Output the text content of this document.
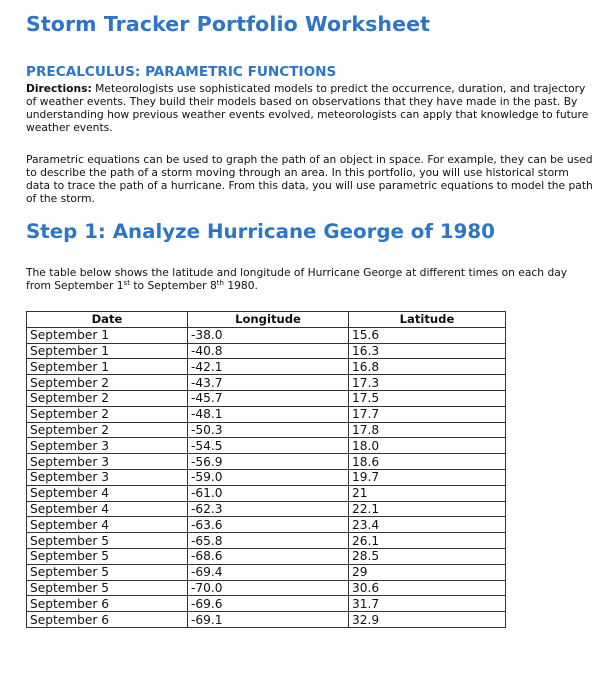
Storm Tracker Portfolio Worksheet
PRECALCULUS: PARAMETRIC FUNCTIONS

Directions: Meteorologists use sophisticated models to predict the occurrence, duration, and trajectory of weather events. They build their models based on observations that they have made in the past. By understanding how previous weather events evolved, meteorologists can apply that knowledge to future weather events.

Parametric equations can be used to graph the path of an object in space. For example, they can be used to describe the path of a storm moving through an area. In this portfolio, you will use historical storm data to trace the path of a hurricane. From this data, you will use parametric equations to model the path of the storm.

Step 1: Analyze Hurricane George of 1980

The table below shows the latitude and longitude of Hurricane George at different times on each day from September 1st to September 8th 1980.

Date	Longitude	Latitude
September 1	-38.0	15.6
September 1	-40.8	16.3
September 1	-42.1	16.8
September 2	-43.7	17.3
September 2	-45.7	17.5
September 2	-48.1	17.7
September 2	-50.3	17.8
September 3	-54.5	18.0
September 3	-56.9	18.6
September 3	-59.0	19.7
September 4	-61.0	21
September 4	-62.3	22.1
September 4	-63.6	23.4
September 5	-65.8	26.1
September 5	-68.6	28.5
September 5	-69.4	29
September 5	-70.0	30.6
September 6	-69.6	31.7
September 6	-69.1	32.9
